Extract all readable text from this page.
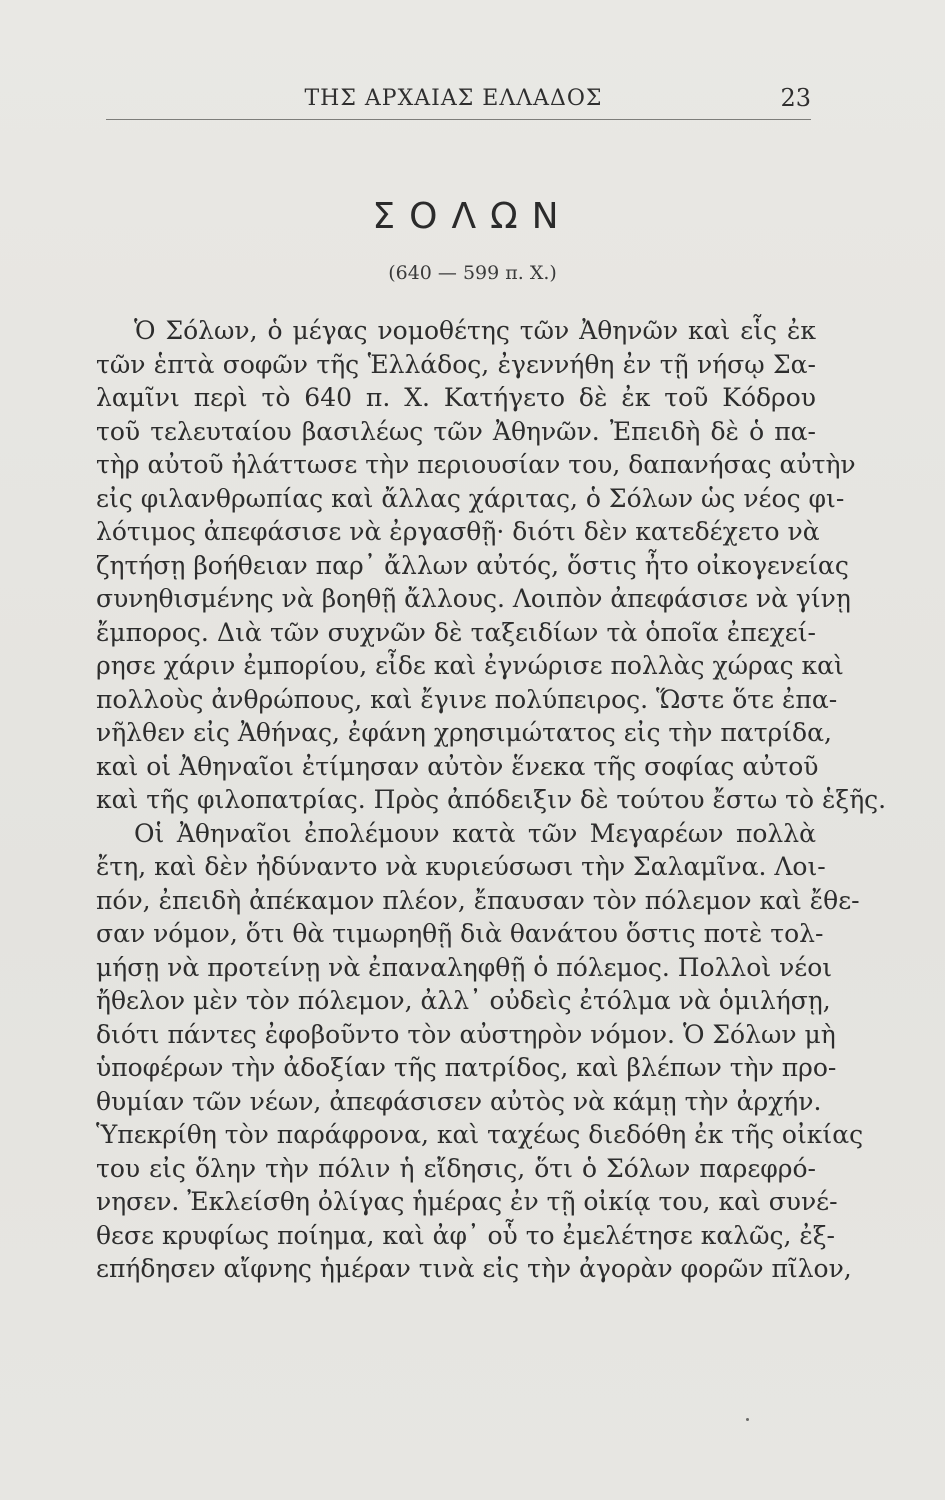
ΤΗΣ ΑΡΧΑΙΑΣ ΕΛΛΑΔΟΣ	23
ΣΟΛΩΝ
(640 — 599 π. Χ.)
Ὁ Σόλων, ὁ μέγας νομοθέτης τῶν Ἀθηνῶν καὶ εἷς ἐκ
τῶν ἑπτὰ σοφῶν τῆς Ἑλλάδος, ἐγεννήθη ἐν τῇ νήσῳ Σα-
λαμῖνι περὶ τὸ 640 π. Χ. Κατήγετο δὲ ἐκ τοῦ Κόδρου
τοῦ τελευταίου βασιλέως τῶν Ἀθηνῶν. Ἐπειδὴ δὲ ὁ πα-
τὴρ αὐτοῦ ἠλάττωσε τὴν περιουσίαν του, δαπανήσας αὐτὴν
εἰς φιλανθρωπίας καὶ ἄλλας χάριτας, ὁ Σόλων ὡς νέος φι-
λότιμος ἀπεφάσισε νὰ ἐργασθῇ· διότι δὲν κατεδέχετο νὰ
ζητήσῃ βοήθειαν παρ᾽ ἄλλων αὐτός, ὅστις ἦτο οἰκογενείας
συνηθισμένης νὰ βοηθῇ ἄλλους. Λοιπὸν ἀπεφάσισε νὰ γίνῃ
ἔμπορος. Διὰ τῶν συχνῶν δὲ ταξειδίων τὰ ὁποῖα ἐπεχεί-
ρησε χάριν ἐμπορίου, εἶδε καὶ ἐγνώρισε πολλὰς χώρας καὶ
πολλοὺς ἀνθρώπους, καὶ ἔγινε πολύπειρος. Ὥστε ὅτε ἐπα-
νῆλθεν εἰς Ἀθήνας, ἐφάνη χρησιμώτατος εἰς τὴν πατρίδα,
καὶ οἱ Ἀθηναῖοι ἐτίμησαν αὐτὸν ἕνεκα τῆς σοφίας αὐτοῦ
καὶ τῆς φιλοπατρίας. Πρὸς ἀπόδειξιν δὲ τούτου ἔστω τὸ ἑξῆς.
Οἱ Ἀθηναῖοι ἐπολέμουν κατὰ τῶν Μεγαρέων πολλὰ
ἔτη, καὶ δὲν ἠδύναντο νὰ κυριεύσωσι τὴν Σαλαμῖνα. Λοι-
πόν, ἐπειδὴ ἀπέκαμον πλέον, ἔπαυσαν τὸν πόλεμον καὶ ἔθε-
σαν νόμον, ὅτι θὰ τιμωρηθῇ διὰ θανάτου ὅστις ποτὲ τολ-
μήσῃ νὰ προτείνῃ νὰ ἐπαναληφθῇ ὁ πόλεμος. Πολλοὶ νέοι
ἤθελον μὲν τὸν πόλεμον, ἀλλ᾽ οὐδεὶς ἐτόλμα νὰ ὁμιλήσῃ,
διότι πάντες ἐφοβοῦντο τὸν αὐστηρὸν νόμον. Ὁ Σόλων μὴ
ὑποφέρων τὴν ἀδοξίαν τῆς πατρίδος, καὶ βλέπων τὴν προ-
θυμίαν τῶν νέων, ἀπεφάσισεν αὐτὸς νὰ κάμῃ τὴν ἀρχήν.
Ὑπεκρίθη τὸν παράφρονα, καὶ ταχέως διεδόθη ἐκ τῆς οἰκίας
του εἰς ὅλην τὴν πόλιν ἡ εἴδησις, ὅτι ὁ Σόλων παρεφρό-
νησεν. Ἐκλείσθη ὀλίγας ἡμέρας ἐν τῇ οἰκίᾳ του, καὶ συνέ-
θεσε κρυφίως ποίημα, καὶ ἀφ᾽ οὗ το ἐμελέτησε καλῶς, ἐξ-
επήδησεν αἴφνης ἡμέραν τινὰ εἰς τὴν ἀγορὰν φορῶν πῖλον,
